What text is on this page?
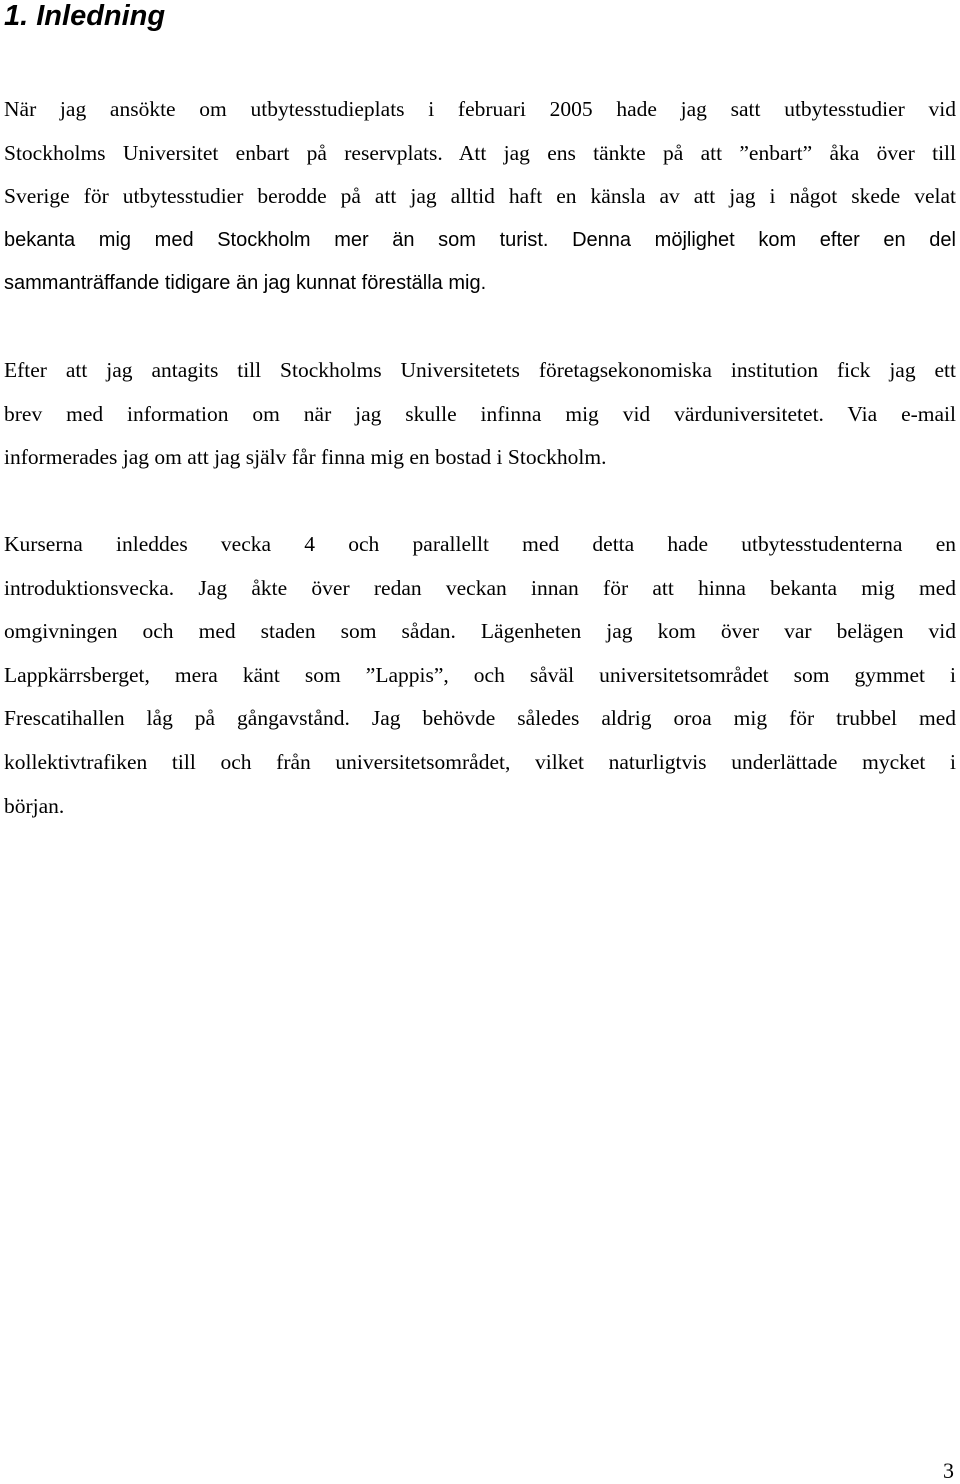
1. Inledning
När jag ansökte om utbytesstudieplats i februari 2005 hade jag satt utbytesstudier vid
Stockholms Universitet enbart på reservplats. Att jag ens tänkte på att ”enbart” åka över till
Sverige för utbytesstudier berodde på att jag alltid haft en känsla av att jag i något skede velat
bekanta mig med Stockholm mer än som turist. Denna möjlighet kom efter en del
sammanträffande tidigare än jag kunnat föreställa mig.
Efter att jag antagits till Stockholms Universitetets företagsekonomiska institution fick jag ett
brev med information om när jag skulle infinna mig vid värduniversitetet. Via e-mail
informerades jag om att jag själv får finna mig en bostad i Stockholm.
Kurserna inleddes vecka 4 och parallellt med detta hade utbytesstudenterna en
introduktionsvecka. Jag åkte över redan veckan innan för att hinna bekanta mig med
omgivningen och med staden som sådan. Lägenheten jag kom över var belägen vid
Lappkärrsberget, mera känt som ”Lappis”, och såväl universitetsområdet som gymmet i
Frescatihallen låg på gångavstånd. Jag behövde således aldrig oroa mig för trubbel med
kollektivtrafiken till och från universitetsområdet, vilket naturligtvis underlättade mycket i
början.

3
